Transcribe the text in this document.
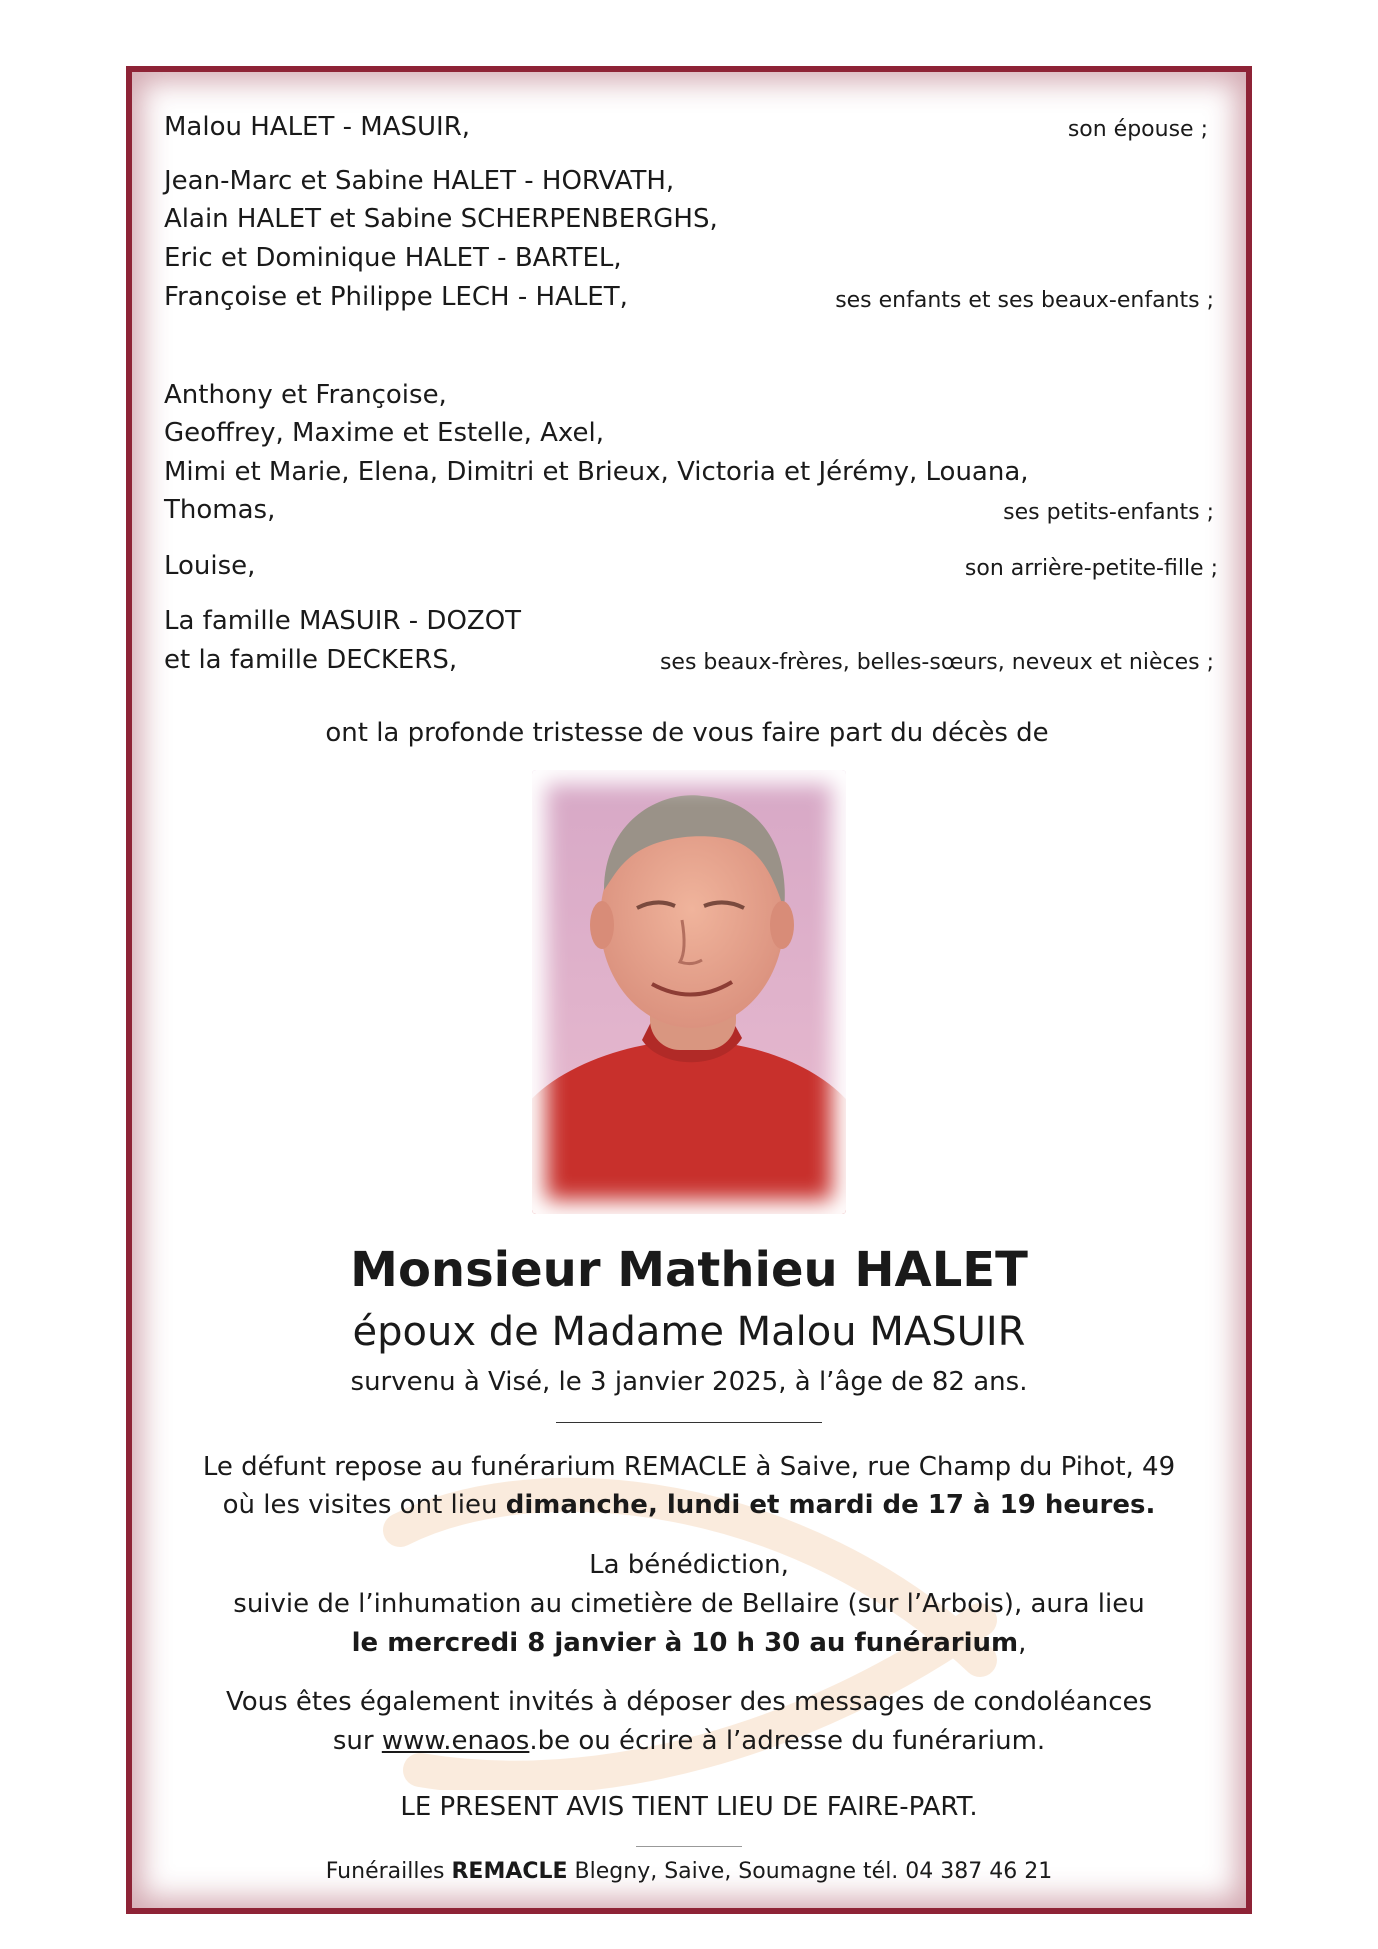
Malou HALET - MASUIR,	son épouse ;
Jean-Marc et Sabine HALET - HORVATH,
Alain HALET et Sabine SCHERPENBERGHS,
Eric et Dominique HALET - BARTEL,
Françoise et Philippe LECH - HALET,	ses enfants et ses beaux-enfants ;
Anthony et Françoise,
Geoffrey, Maxime et Estelle, Axel,
Mimi et Marie, Elena, Dimitri et Brieux, Victoria et Jérémy, Louana,
Thomas,	ses petits-enfants ;
Louise,	son arrière-petite-fille ;
La famille MASUIR - DOZOT
et la famille DECKERS,	ses beaux-frères, belles-sœurs, neveux et nièces ;
ont la profonde tristesse de vous faire part du décès de
Monsieur Mathieu HALET
époux de Madame Malou MASUIR
survenu à Visé, le 3 janvier 2025, à l’âge de 82 ans.
Le défunt repose au funérarium REMACLE à Saive, rue Champ du Pihot, 49
où les visites ont lieu dimanche, lundi et mardi de 17 à 19 heures.
La bénédiction,
suivie de l’inhumation au cimetière de Bellaire (sur l’Arbois), aura lieu
le mercredi 8 janvier à 10 h 30 au funérarium,
Vous êtes également invités à déposer des messages de condoléances
sur www.enaos.be ou écrire à l’adresse du funérarium.
LE PRESENT AVIS TIENT LIEU DE FAIRE-PART.
Funérailles REMACLE Blegny, Saive, Soumagne tél. 04 387 46 21
